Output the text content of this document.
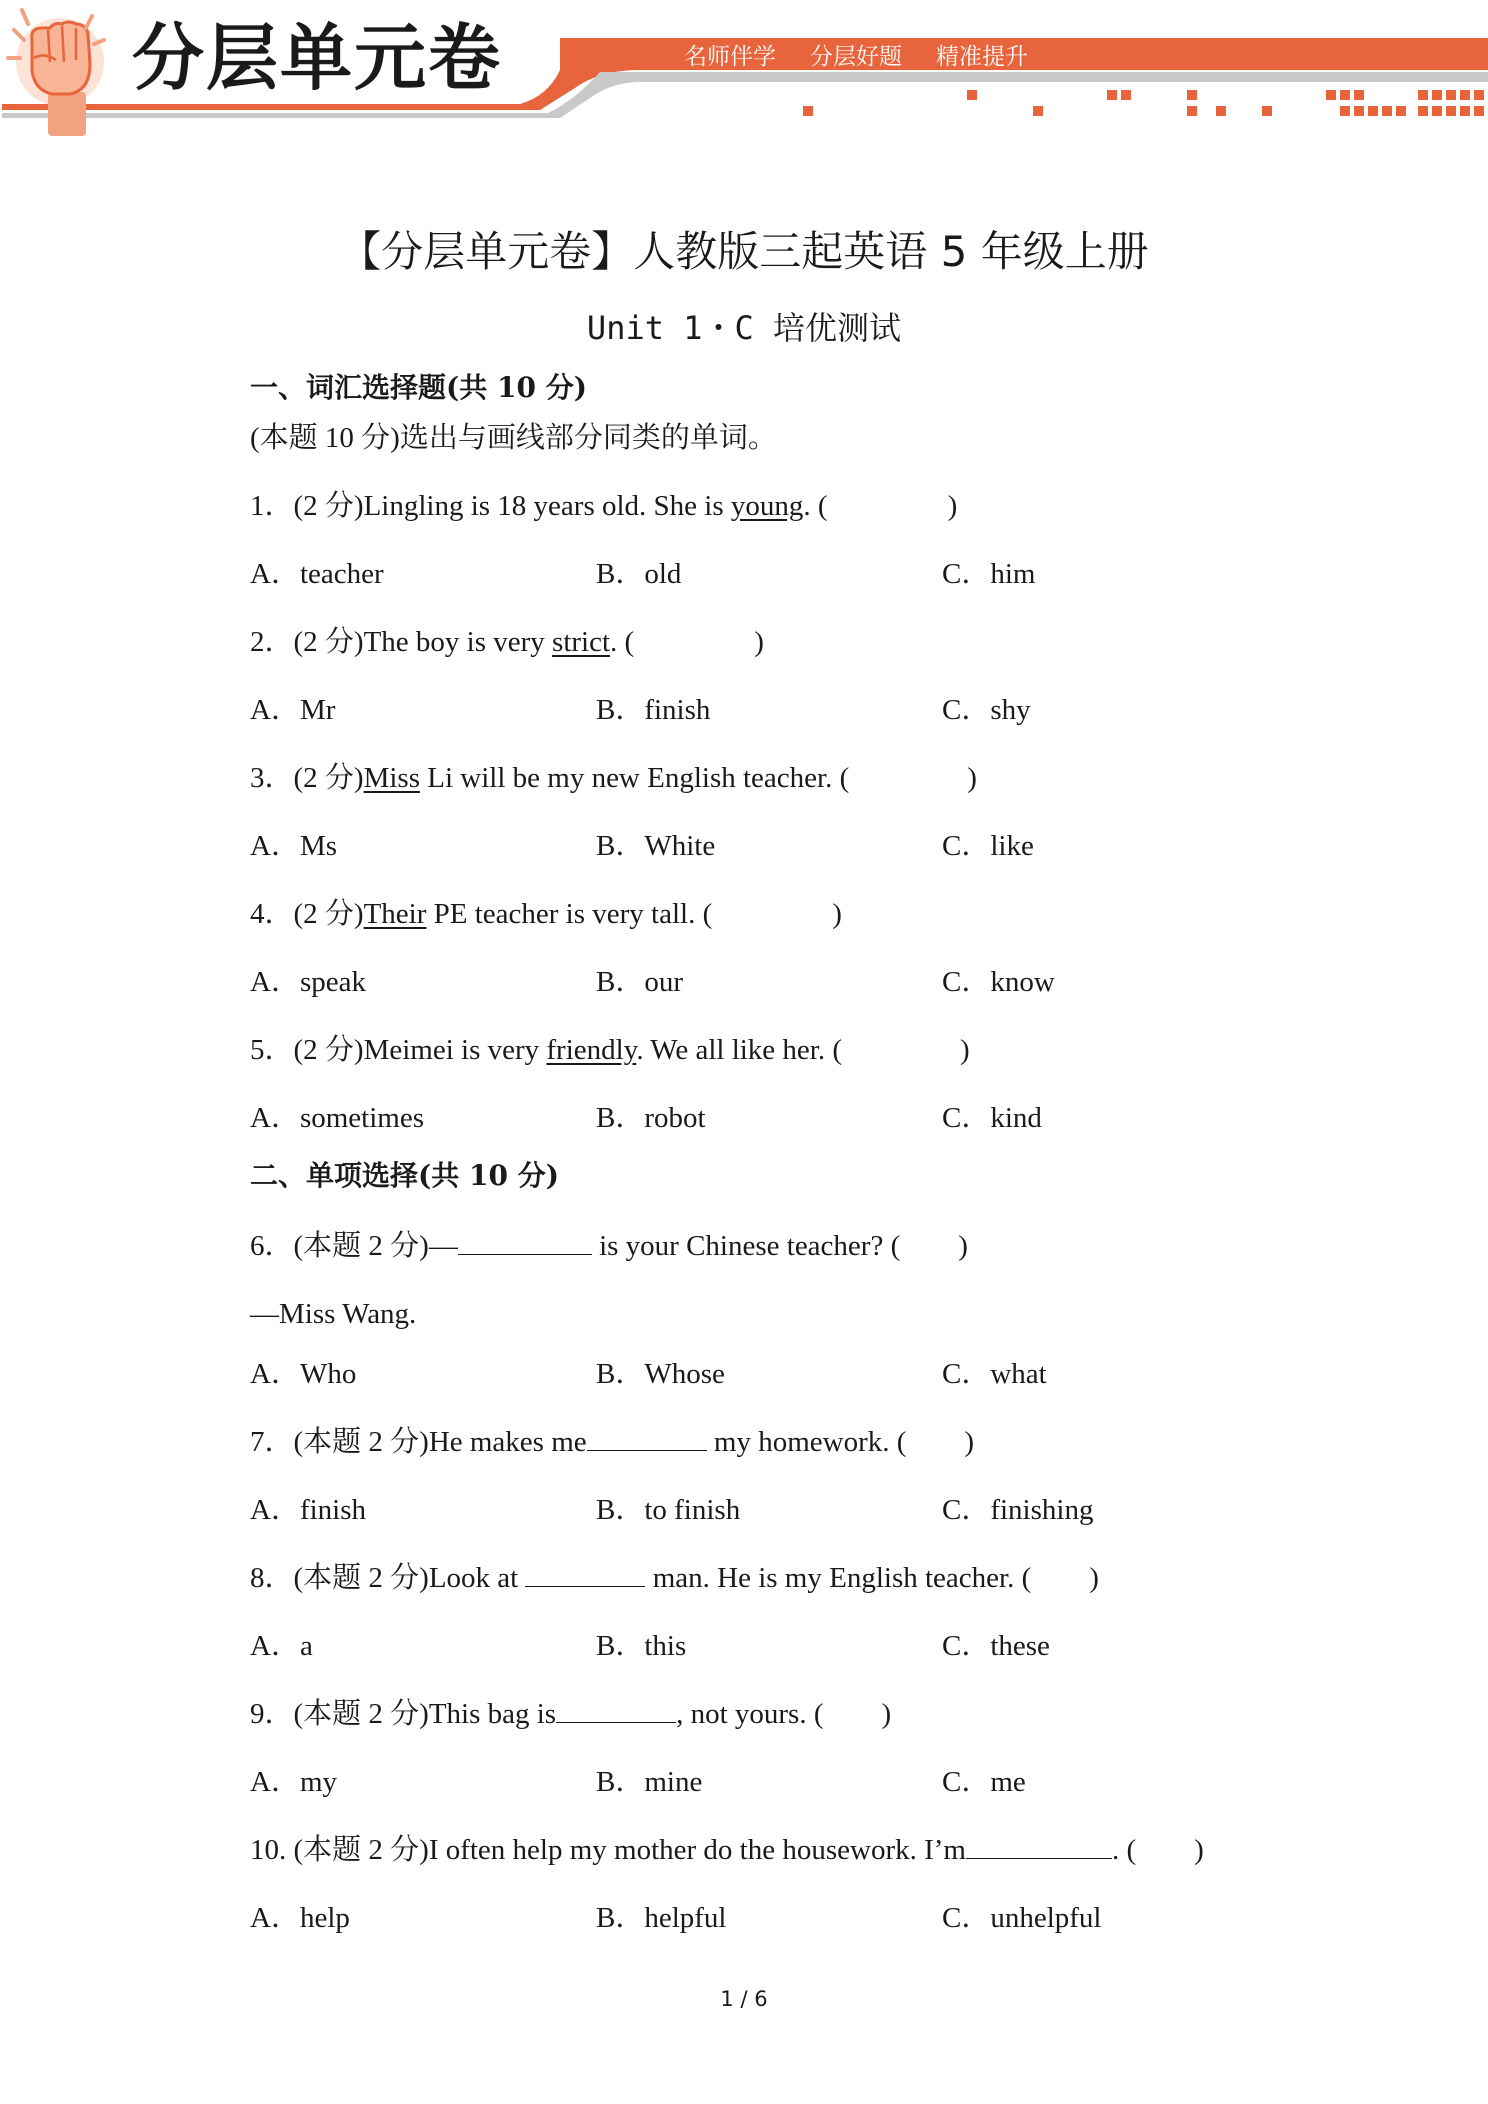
分层单元卷	名师伴学 分层好题 精准提升
【分层单元卷】人教版三起英语 5 年级上册
Unit 1・C 培优测试
一、词汇选择题(共 10 分)
(本题 10 分)选出与画线部分同类的单词。
1．(2 分)Lingling is 18 years old. She is young. (	)
A．teacher	B．old	C．him
2．(2 分)The boy is very strict. (	)
A．Mr	B．finish	C．shy
3．(2 分)Miss Li will be my new English teacher. (	)
A．Ms	B．White	C．like
4．(2 分)Their PE teacher is very tall. (	)
A．speak	B．our	C．know
5．(2 分)Meimei is very friendly. We all like her. (	)
A．sometimes	B．robot	C．kind
二、单项选择(共 10 分)
6．(本题 2 分)—	is your Chinese teacher? ( )
—Miss Wang.
A．Who	B．Whose	C．what
7．(本题 2 分)He makes me	my homework. ( )
A．finish	B．to finish	C．finishing
8．(本题 2 分)Look at	man. He is my English teacher. ( )
A．a	B．this	C．these
9．(本题 2 分)This bag is	, not yours. ( )
A．my	B．mine	C．me
10. (本题 2 分)I often help my mother do the housework. I’m	. ( )
A．help	B．helpful	C．unhelpful
1 / 6
